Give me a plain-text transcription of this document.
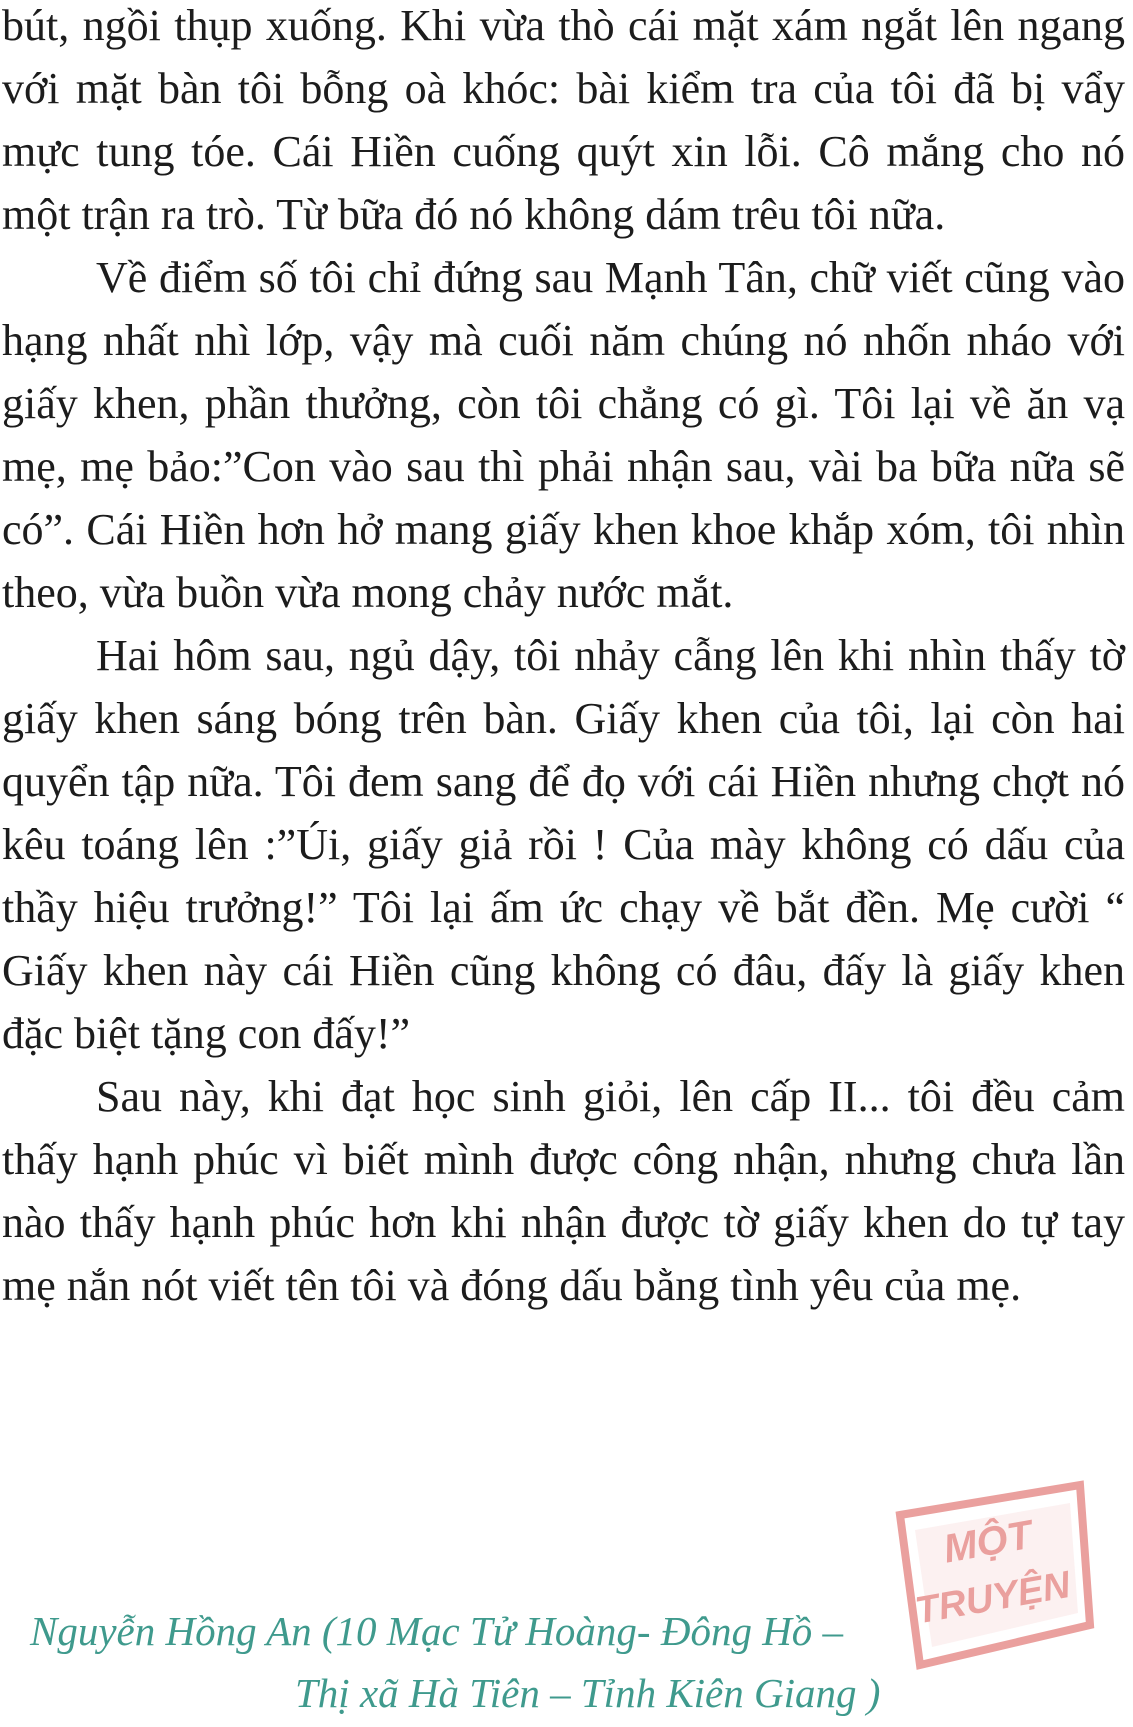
bút, ngồi thụp xuống. Khi vừa thò cái mặt xám ngắt lên ngang với mặt bàn tôi bỗng oà khóc: bài kiểm tra của tôi đã bị vẩy mực tung tóe. Cái Hiền cuống quýt xin lỗi. Cô mắng cho nó một trận ra trò. Từ bữa đó nó không dám trêu tôi nữa.

Về điểm số tôi chỉ đứng sau Mạnh Tân, chữ viết cũng vào hạng nhất nhì lớp, vậy mà cuối năm chúng nó nhốn nháo với giấy khen, phần thưởng, còn tôi chẳng có gì. Tôi lại về ăn vạ mẹ, mẹ bảo:”Con vào sau thì phải nhận sau, vài ba bữa nữa sẽ có”. Cái Hiền hơn hở mang giấy khen khoe khắp xóm, tôi nhìn theo, vừa buồn vừa mong chảy nước mắt.

Hai hôm sau, ngủ dậy, tôi nhảy cẫng lên khi nhìn thấy tờ giấy khen sáng bóng trên bàn. Giấy khen của tôi, lại còn hai quyển tập nữa. Tôi đem sang để đọ với cái Hiền nhưng chợt nó kêu toáng lên :”Úi, giấy giả rồi ! Của mày không có dấu của thầy hiệu trưởng!” Tôi lại ấm ức chạy về bắt đền. Mẹ cười “ Giấy khen này cái Hiền cũng không có đâu, đấy là giấy khen đặc biệt tặng con đấy!”

Sau này, khi đạt học sinh giỏi, lên cấp II... tôi đều cảm thấy hạnh phúc vì biết mình được công nhận, nhưng chưa lần nào thấy hạnh phúc hơn khi nhận được tờ giấy khen do tự tay mẹ nắn nót viết tên tôi và đóng dấu bằng tình yêu của mẹ.

Nguyễn Hồng An (10 Mạc Tử Hoàng- Đông Hồ –
Thị xã Hà Tiên – Tỉnh Kiên Giang )
MỘT
TRUYỆN
